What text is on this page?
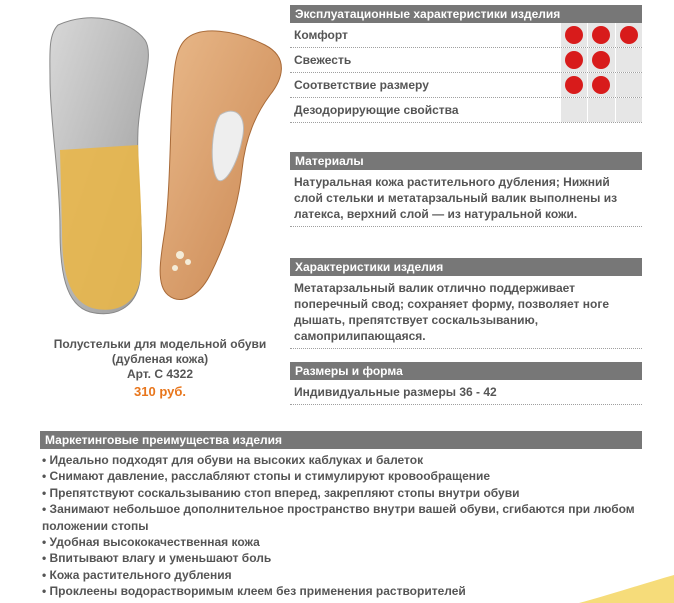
Полустельки для модельной обуви
(дубленая кожа)
Арт. С 4322
310 руб.
Эксплуатационные характеристики изделия
Комфорт
Свежесть
Соответствие размеру
Дезодорирующие свойства
Материалы
Натуральная кожа растительного дубления; Нижний слой стельки и метатарзальный валик выполнены из латекса, верхний слой — из натуральной кожи.
Характеристики изделия
Метатарзальный валик отлично поддерживает поперечный свод; сохраняет форму, позволяет ноге дышать, препятствует соскальзыванию, самоприлипающаяся.
Размеры и форма
Индивидуальные размеры 36 - 42
Маркетинговые преимущества изделия
• Идеально подходят для обуви на высоких каблуках и балеток
• Снимают давление, расслабляют стопы и стимулируют кровообращение
• Препятствуют соскальзыванию стоп вперед, закрепляют стопы внутри обуви
• Занимают небольшое дополнительное пространство внутри вашей обуви, сгибаются при любом положении стопы
• Удобная высококачественная кожа
• Впитывают влагу и уменьшают боль
• Кожа растительного дубления
• Проклеены водорастворимым клеем без применения растворителей
